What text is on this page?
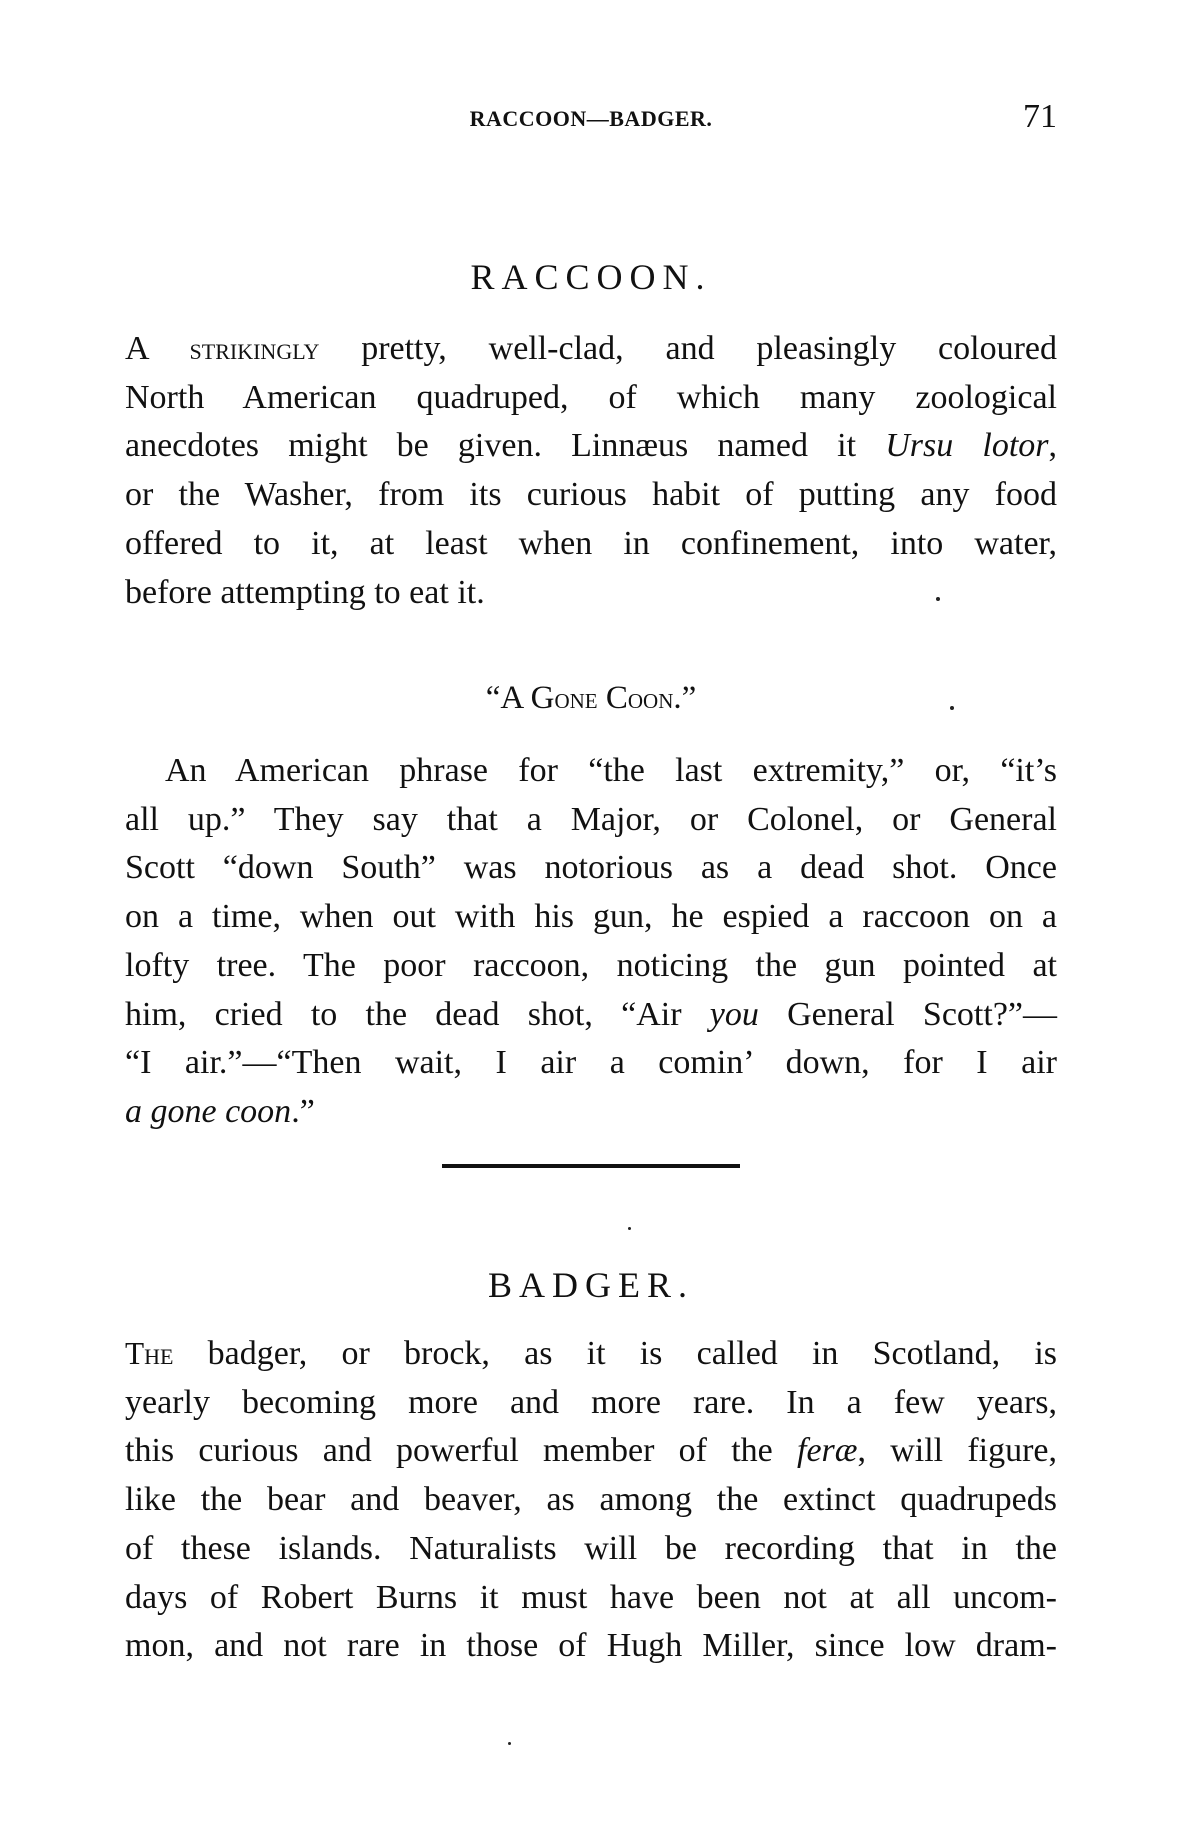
RACCOON—BADGER.	71
RACCOON.
A strikingly pretty, well-clad, and pleasingly coloured
North American quadruped, of which many zoological
anecdotes might be given. Linnæus named it Ursu lotor,
or the Washer, from its curious habit of putting any food
offered to it, at least when in confinement, into water,
before attempting to eat it.
“A Gone Coon.”
An American phrase for “the last extremity,” or, “it’s
all up.” They say that a Major, or Colonel, or General
Scott “down South” was notorious as a dead shot. Once
on a time, when out with his gun, he espied a raccoon on a
lofty tree. The poor raccoon, noticing the gun pointed at
him, cried to the dead shot, “Air you General Scott?”—
“I air.”—“Then wait, I air a comin’ down, for I air
a gone coon.”
BADGER.
The badger, or brock, as it is called in Scotland, is
yearly becoming more and more rare. In a few years,
this curious and powerful member of the feræ, will figure,
like the bear and beaver, as among the extinct quadrupeds
of these islands. Naturalists will be recording that in the
days of Robert Burns it must have been not at all uncom-
mon, and not rare in those of Hugh Miller, since low dram-
